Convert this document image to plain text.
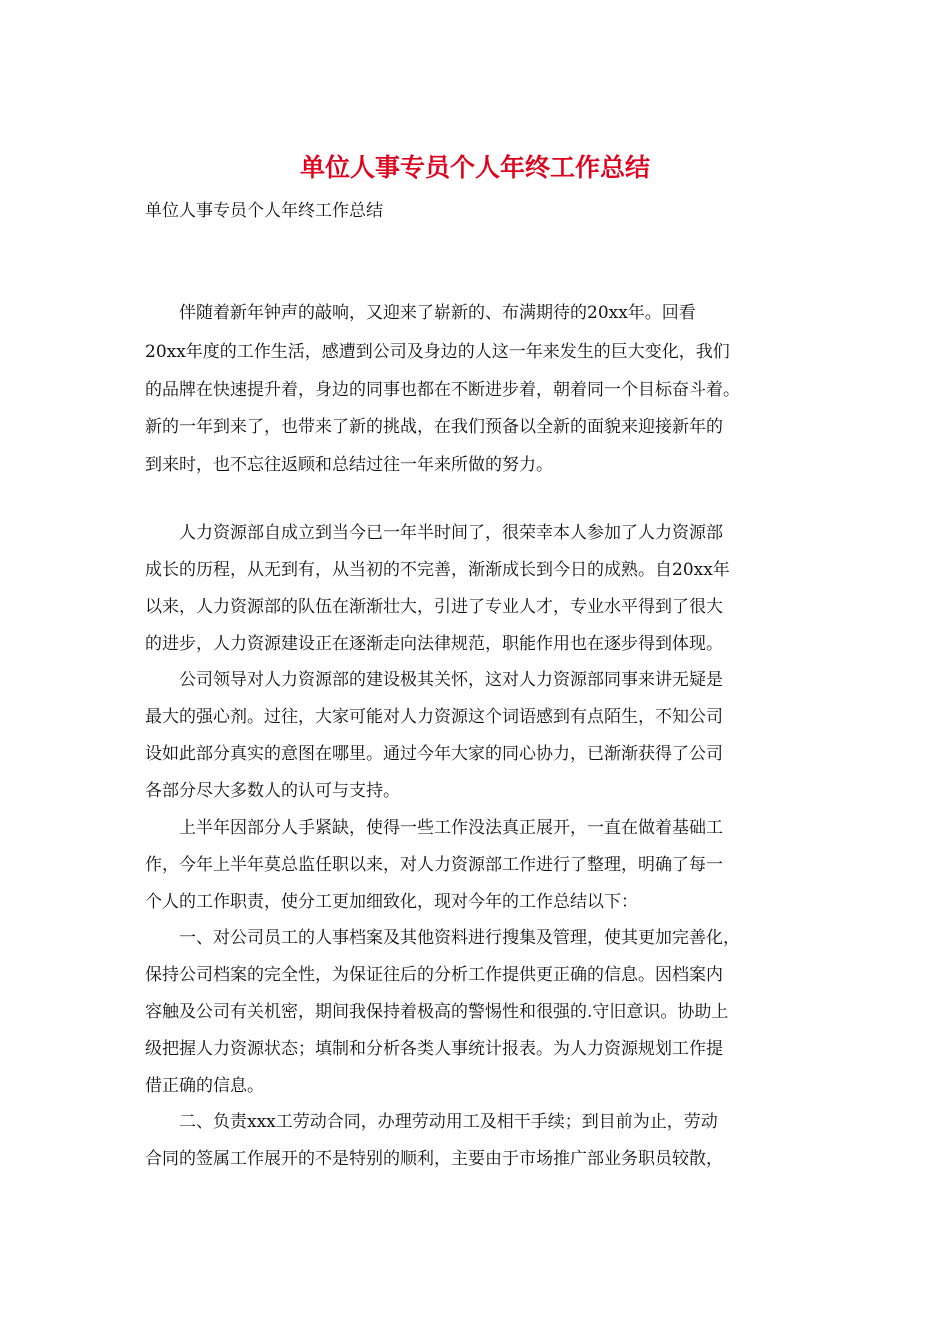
单位人事专员个人年终工作总结

单位人事专员个人年终工作总结

　　伴随着新年钟声的敲响，又迎来了崭新的、布满期待的20xx年。回看

20xx年度的工作生活，感遭到公司及身边的人这一年来发生的巨大变化，我们

的品牌在快速提升着，身边的同事也都在不断进步着，朝着同一个目标奋斗着。

新的一年到来了，也带来了新的挑战，在我们预备以全新的面貌来迎接新年的

到来时，也不忘往返顾和总结过往一年来所做的努力。

　　人力资源部自成立到当今已一年半时间了，很荣幸本人参加了人力资源部

成长的历程，从无到有，从当初的不完善，渐渐成长到今日的成熟。自20xx年

以来，人力资源部的队伍在渐渐壮大，引进了专业人才，专业水平得到了很大

的进步，人力资源建设正在逐渐走向法律规范，职能作用也在逐步得到体现。

　　公司领导对人力资源部的建设极其关怀，这对人力资源部同事来讲无疑是

最大的强心剂。过往，大家可能对人力资源这个词语感到有点陌生，不知公司

设如此部分真实的意图在哪里。通过今年大家的同心协力，已渐渐获得了公司

各部分尽大多数人的认可与支持。

　　上半年因部分人手紧缺，使得一些工作没法真正展开，一直在做着基础工

作，今年上半年莫总监任职以来，对人力资源部工作进行了整理，明确了每一

个人的工作职责，使分工更加细致化，现对今年的工作总结以下：

　　一、对公司员工的人事档案及其他资料进行搜集及管理，使其更加完善化，

保持公司档案的完全性，为保证往后的分析工作提供更正确的信息。因档案内

容触及公司有关机密，期间我保持着极高的警惕性和很强的.守旧意识。协助上

级把握人力资源状态；填制和分析各类人事统计报表。为人力资源规划工作提

借正确的信息。

　　二、负责xxx工劳动合同，办理劳动用工及相干手续；到目前为止，劳动

合同的签属工作展开的不是特别的顺利，主要由于市场推广部业务职员较散，
